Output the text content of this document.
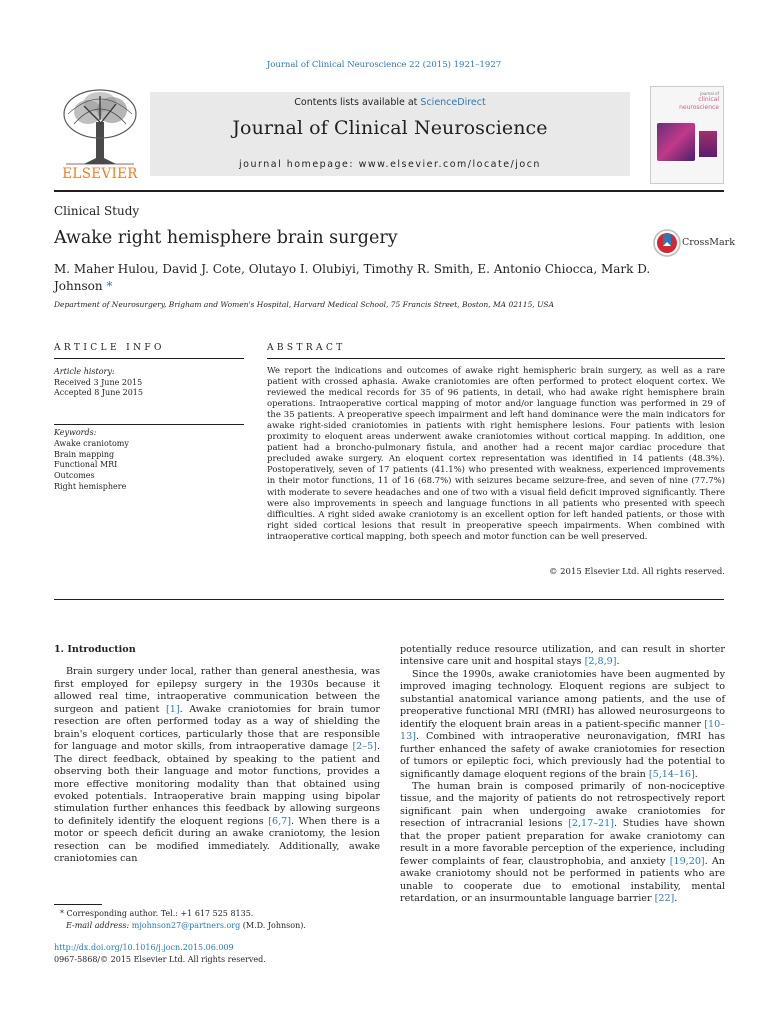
Journal of Clinical Neuroscience 22 (2015) 1921–1927
ELSEVIER
Contents lists available at ScienceDirect
Journal of Clinical Neuroscience
journal homepage: www.elsevier.com/locate/jocn
journal of
clinical
neuroscience
Clinical Study
Awake right hemisphere brain surgery	CrossMark
M. Maher Hulou, David J. Cote, Olutayo I. Olubiyi, Timothy R. Smith, E. Antonio Chiocca, Mark D. Johnson *
Department of Neurosurgery, Brigham and Women's Hospital, Harvard Medical School, 75 Francis Street, Boston, MA 02115, USA
ARTICLE INFO	ABSTRACT
Article history:
Received 3 June 2015
Accepted 8 June 2015
Keywords:
Awake craniotomy
Brain mapping
Functional MRI
Outcomes
Right hemisphere
We report the indications and outcomes of awake right hemispheric brain surgery, as well as a rare patient with crossed aphasia. Awake craniotomies are often performed to protect eloquent cortex. We reviewed the medical records for 35 of 96 patients, in detail, who had awake right hemisphere brain operations. Intraoperative cortical mapping of motor and/or language function was performed in 29 of the 35 patients. A preoperative speech impairment and left hand dominance were the main indicators for awake right-sided craniotomies in patients with right hemisphere lesions. Four patients with lesion proximity to eloquent areas underwent awake craniotomies without cortical mapping. In addition, one patient had a broncho-pulmonary fistula, and another had a recent major cardiac procedure that precluded awake surgery. An eloquent cortex representation was identified in 14 patients (48.3%). Postoperatively, seven of 17 patients (41.1%) who presented with weakness, experienced improvements in their motor functions, 11 of 16 (68.7%) with seizures became seizure-free, and seven of nine (77.7%) with moderate to severe headaches and one of two with a visual field deficit improved significantly. There were also improvements in speech and language functions in all patients who presented with speech difficulties. A right sided awake craniotomy is an excellent option for left handed patients, or those with right sided cortical lesions that result in preoperative speech impairments. When combined with intraoperative cortical mapping, both speech and motor function can be well preserved.
© 2015 Elsevier Ltd. All rights reserved.
1. Introduction

Brain surgery under local, rather than general anesthesia, was first employed for epilepsy surgery in the 1930s because it allowed real time, intraoperative communication between the surgeon and patient [1]. Awake craniotomies for brain tumor resection are often performed today as a way of shielding the brain's eloquent cortices, particularly those that are responsible for language and motor skills, from intraoperative damage [2–5]. The direct feedback, obtained by speaking to the patient and observing both their language and motor functions, provides a more effective monitoring modality than that obtained using evoked potentials. Intraoperative brain mapping using bipolar stimulation further enhances this feedback by allowing surgeons to definitely identify the eloquent regions [6,7]. When there is a motor or speech deficit during an awake craniotomy, the lesion resection can be modified immediately. Additionally, awake craniotomies can

potentially reduce resource utilization, and can result in shorter intensive care unit and hospital stays [2,8,9].

Since the 1990s, awake craniotomies have been augmented by improved imaging technology. Eloquent regions are subject to substantial anatomical variance among patients, and the use of preoperative functional MRI (fMRI) has allowed neurosurgeons to identify the eloquent brain areas in a patient-specific manner [10–13]. Combined with intraoperative neuronavigation, fMRI has further enhanced the safety of awake craniotomies for resection of tumors or epileptic foci, which previously had the potential to significantly damage eloquent regions of the brain [5,14–16].

The human brain is composed primarily of non-nociceptive tissue, and the majority of patients do not retrospectively report significant pain when undergoing awake craniotomies for resection of intracranial lesions [2,17–21]. Studies have shown that the proper patient preparation for awake craniotomy can result in a more favorable perception of the experience, including fewer complaints of fear, claustrophobia, and anxiety [19,20]. An awake craniotomy should not be performed in patients who are unable to cooperate due to emotional instability, mental retardation, or an insurmountable language barrier [22].

* Corresponding author. Tel.: +1 617 525 8135.
E-mail address: mjohnson27@partners.org (M.D. Johnson).
http://dx.doi.org/10.1016/j.jocn.2015.06.009
0967-5868/© 2015 Elsevier Ltd. All rights reserved.
